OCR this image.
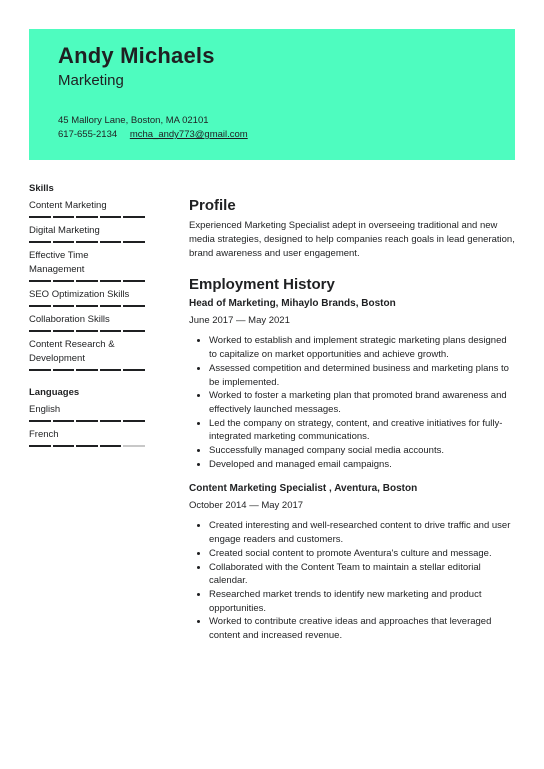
Andy Michaels
Marketing
45 Mallory Lane, Boston, MA 02101
617-655-2134 mcha_andy773@gmail.com
Skills
Content Marketing
Digital Marketing
Effective Time Management
SEO Optimization Skills
Collaboration Skills
Content Research & Development
Languages
English
French
Profile

Experienced Marketing Specialist adept in overseeing traditional and new media strategies, designed to help companies reach goals in lead generation, brand awareness and user engagement.

Employment History
Head of Marketing, Mihaylo Brands, Boston
June 2017 — May 2021
• Worked to establish and implement strategic marketing plans designed to capitalize on market opportunities and achieve growth.
• Assessed competition and determined business and marketing plans to be implemented.
• Worked to foster a marketing plan that promoted brand awareness and effectively launched messages.
• Led the company on strategy, content, and creative initiatives for fully-integrated marketing communications.
• Successfully managed company social media accounts.
• Developed and managed email campaigns.
Content Marketing Specialist , Aventura, Boston
October 2014 — May 2017
• Created interesting and well-researched content to drive traffic and user engage readers and customers.
• Created social content to promote Aventura's culture and message.
• Collaborated with the Content Team to maintain a stellar editorial calendar.
• Researched market trends to identify new marketing and product opportunities.
• Worked to contribute creative ideas and approaches that leveraged content and increased revenue.
